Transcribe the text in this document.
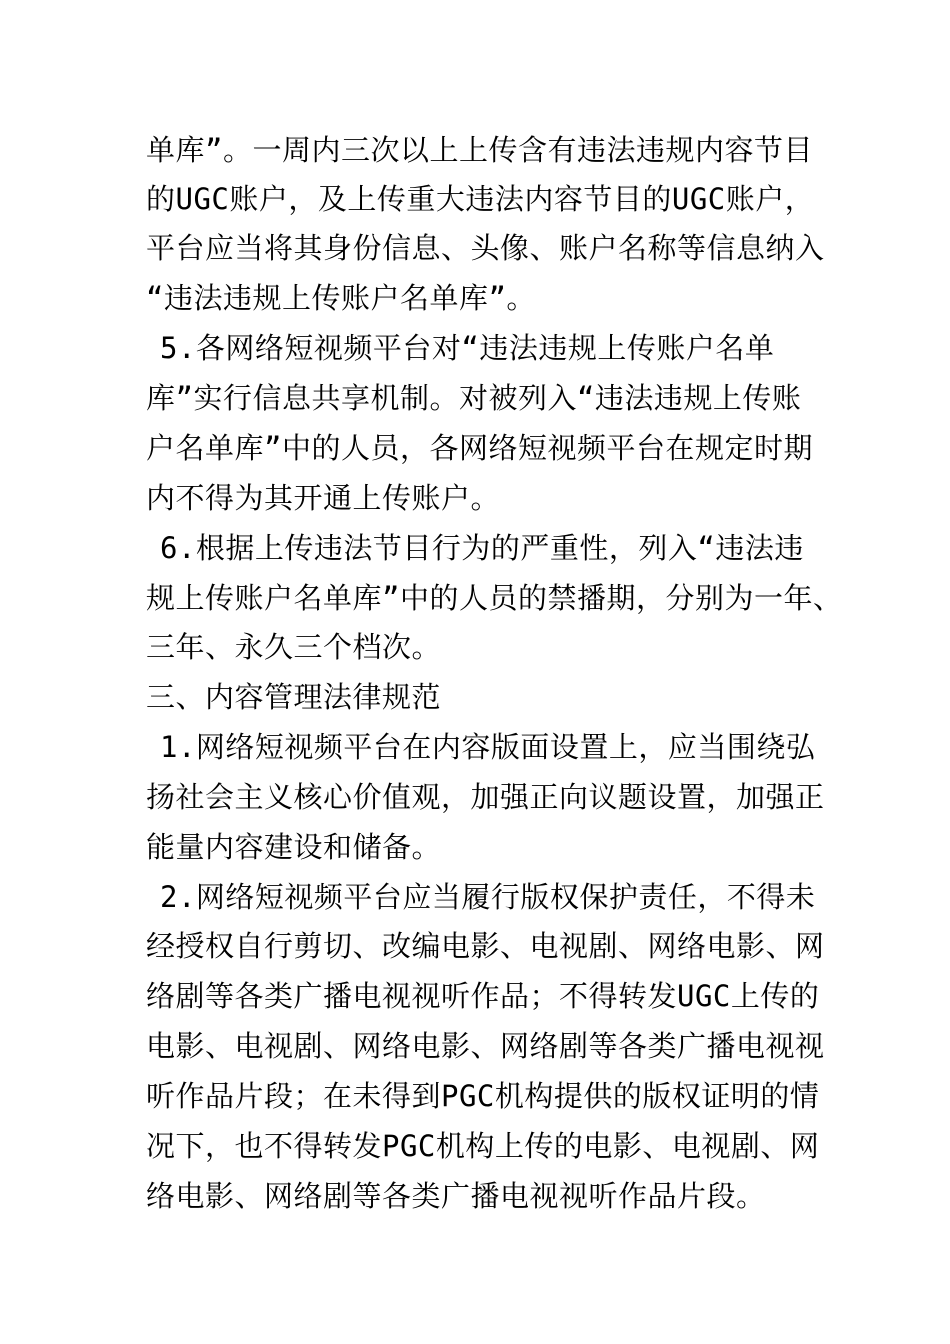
单库”。一周内三次以上上传含有违法违规内容节目
的UGC账户，及上传重大违法内容节目的UGC账户，
平台应当将其身份信息、头像、账户名称等信息纳入
“违法违规上传账户名单库”。
5.各网络短视频平台对“违法违规上传账户名单
库”实行信息共享机制。对被列入“违法违规上传账
户名单库”中的人员，各网络短视频平台在规定时期
内不得为其开通上传账户。
6.根据上传违法节目行为的严重性，列入“违法违
规上传账户名单库”中的人员的禁播期，分别为一年、
三年、永久三个档次。
三、内容管理法律规范
1.网络短视频平台在内容版面设置上，应当围绕弘
扬社会主义核心价值观，加强正向议题设置，加强正
能量内容建设和储备。
2.网络短视频平台应当履行版权保护责任，不得未
经授权自行剪切、改编电影、电视剧、网络电影、网
络剧等各类广播电视视听作品；不得转发UGC上传的
电影、电视剧、网络电影、网络剧等各类广播电视视
听作品片段；在未得到PGC机构提供的版权证明的情
况下，也不得转发PGC机构上传的电影、电视剧、网
络电影、网络剧等各类广播电视视听作品片段。
